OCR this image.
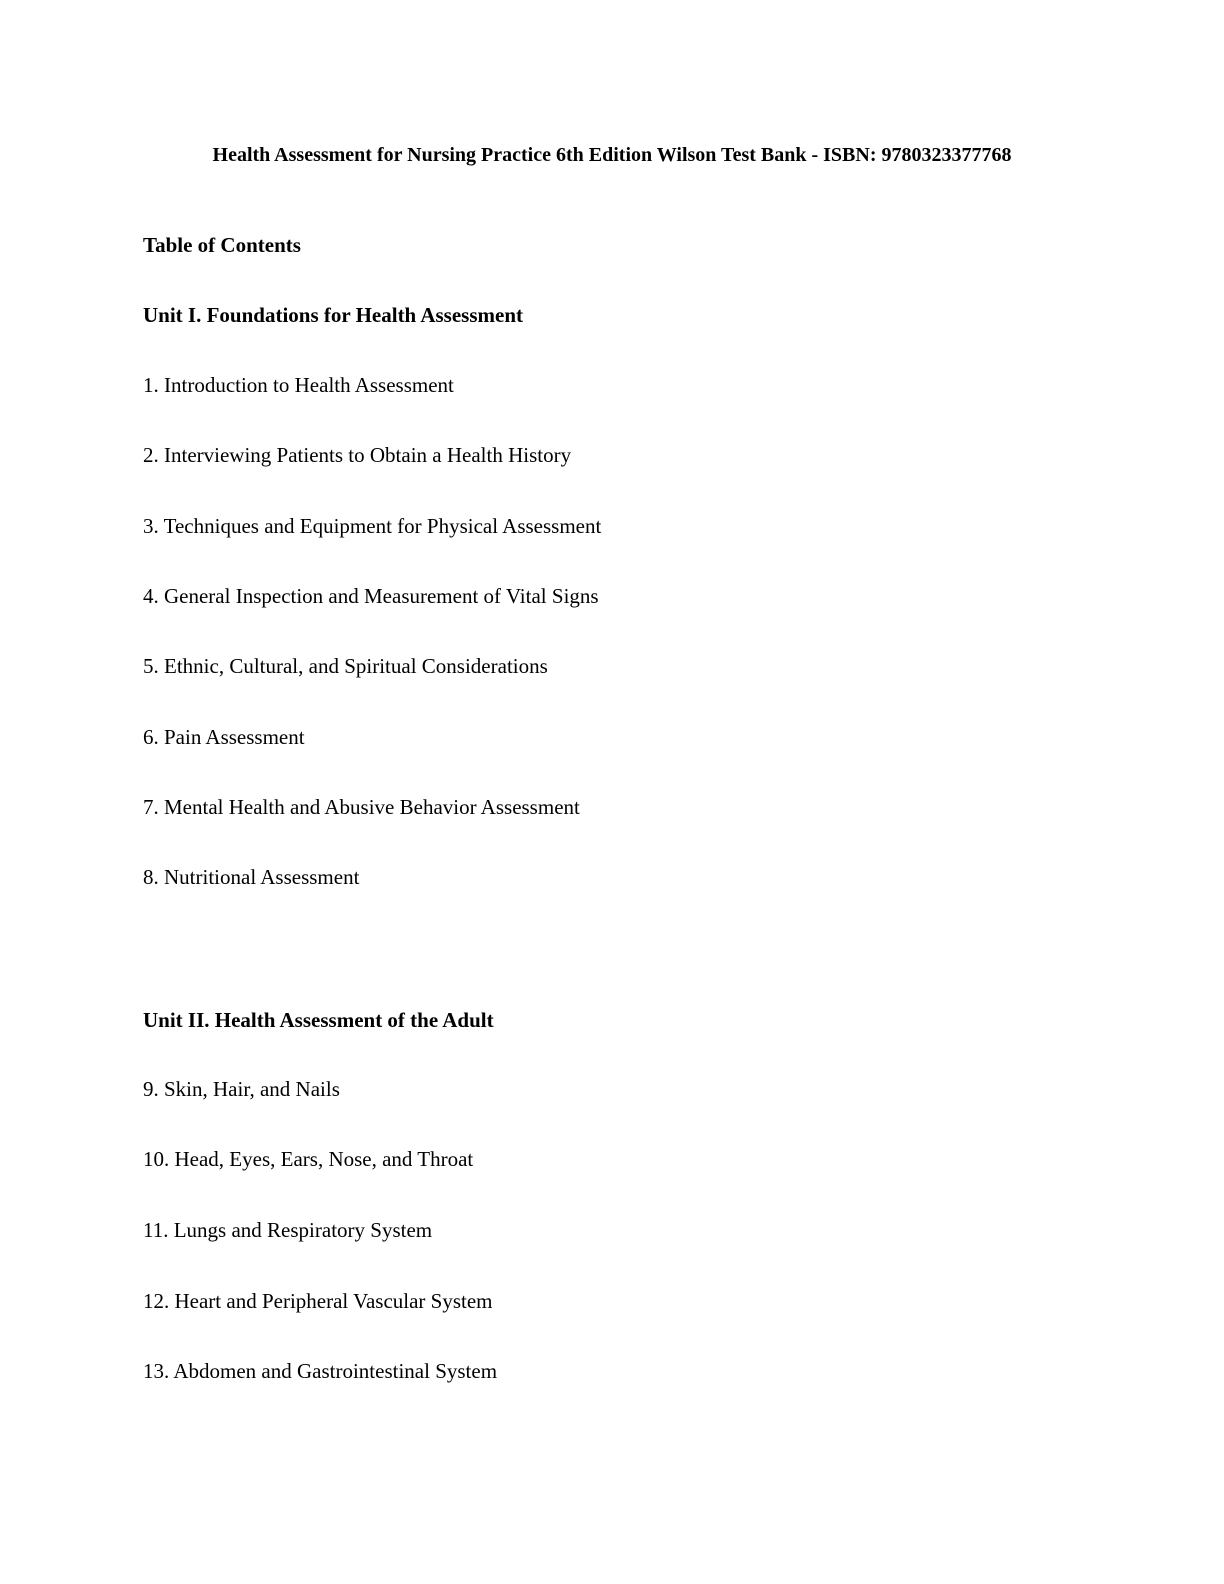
Health Assessment for Nursing Practice 6th Edition Wilson Test Bank - ISBN: 9780323377768
Table of Contents
Unit I. Foundations for Health Assessment
1. Introduction to Health Assessment
2. Interviewing Patients to Obtain a Health History
3. Techniques and Equipment for Physical Assessment
4. General Inspection and Measurement of Vital Signs
5. Ethnic, Cultural, and Spiritual Considerations
6. Pain Assessment
7. Mental Health and Abusive Behavior Assessment
8. Nutritional Assessment
Unit II. Health Assessment of the Adult
9. Skin, Hair, and Nails
10. Head, Eyes, Ears, Nose, and Throat
11. Lungs and Respiratory System
12. Heart and Peripheral Vascular System
13. Abdomen and Gastrointestinal System
